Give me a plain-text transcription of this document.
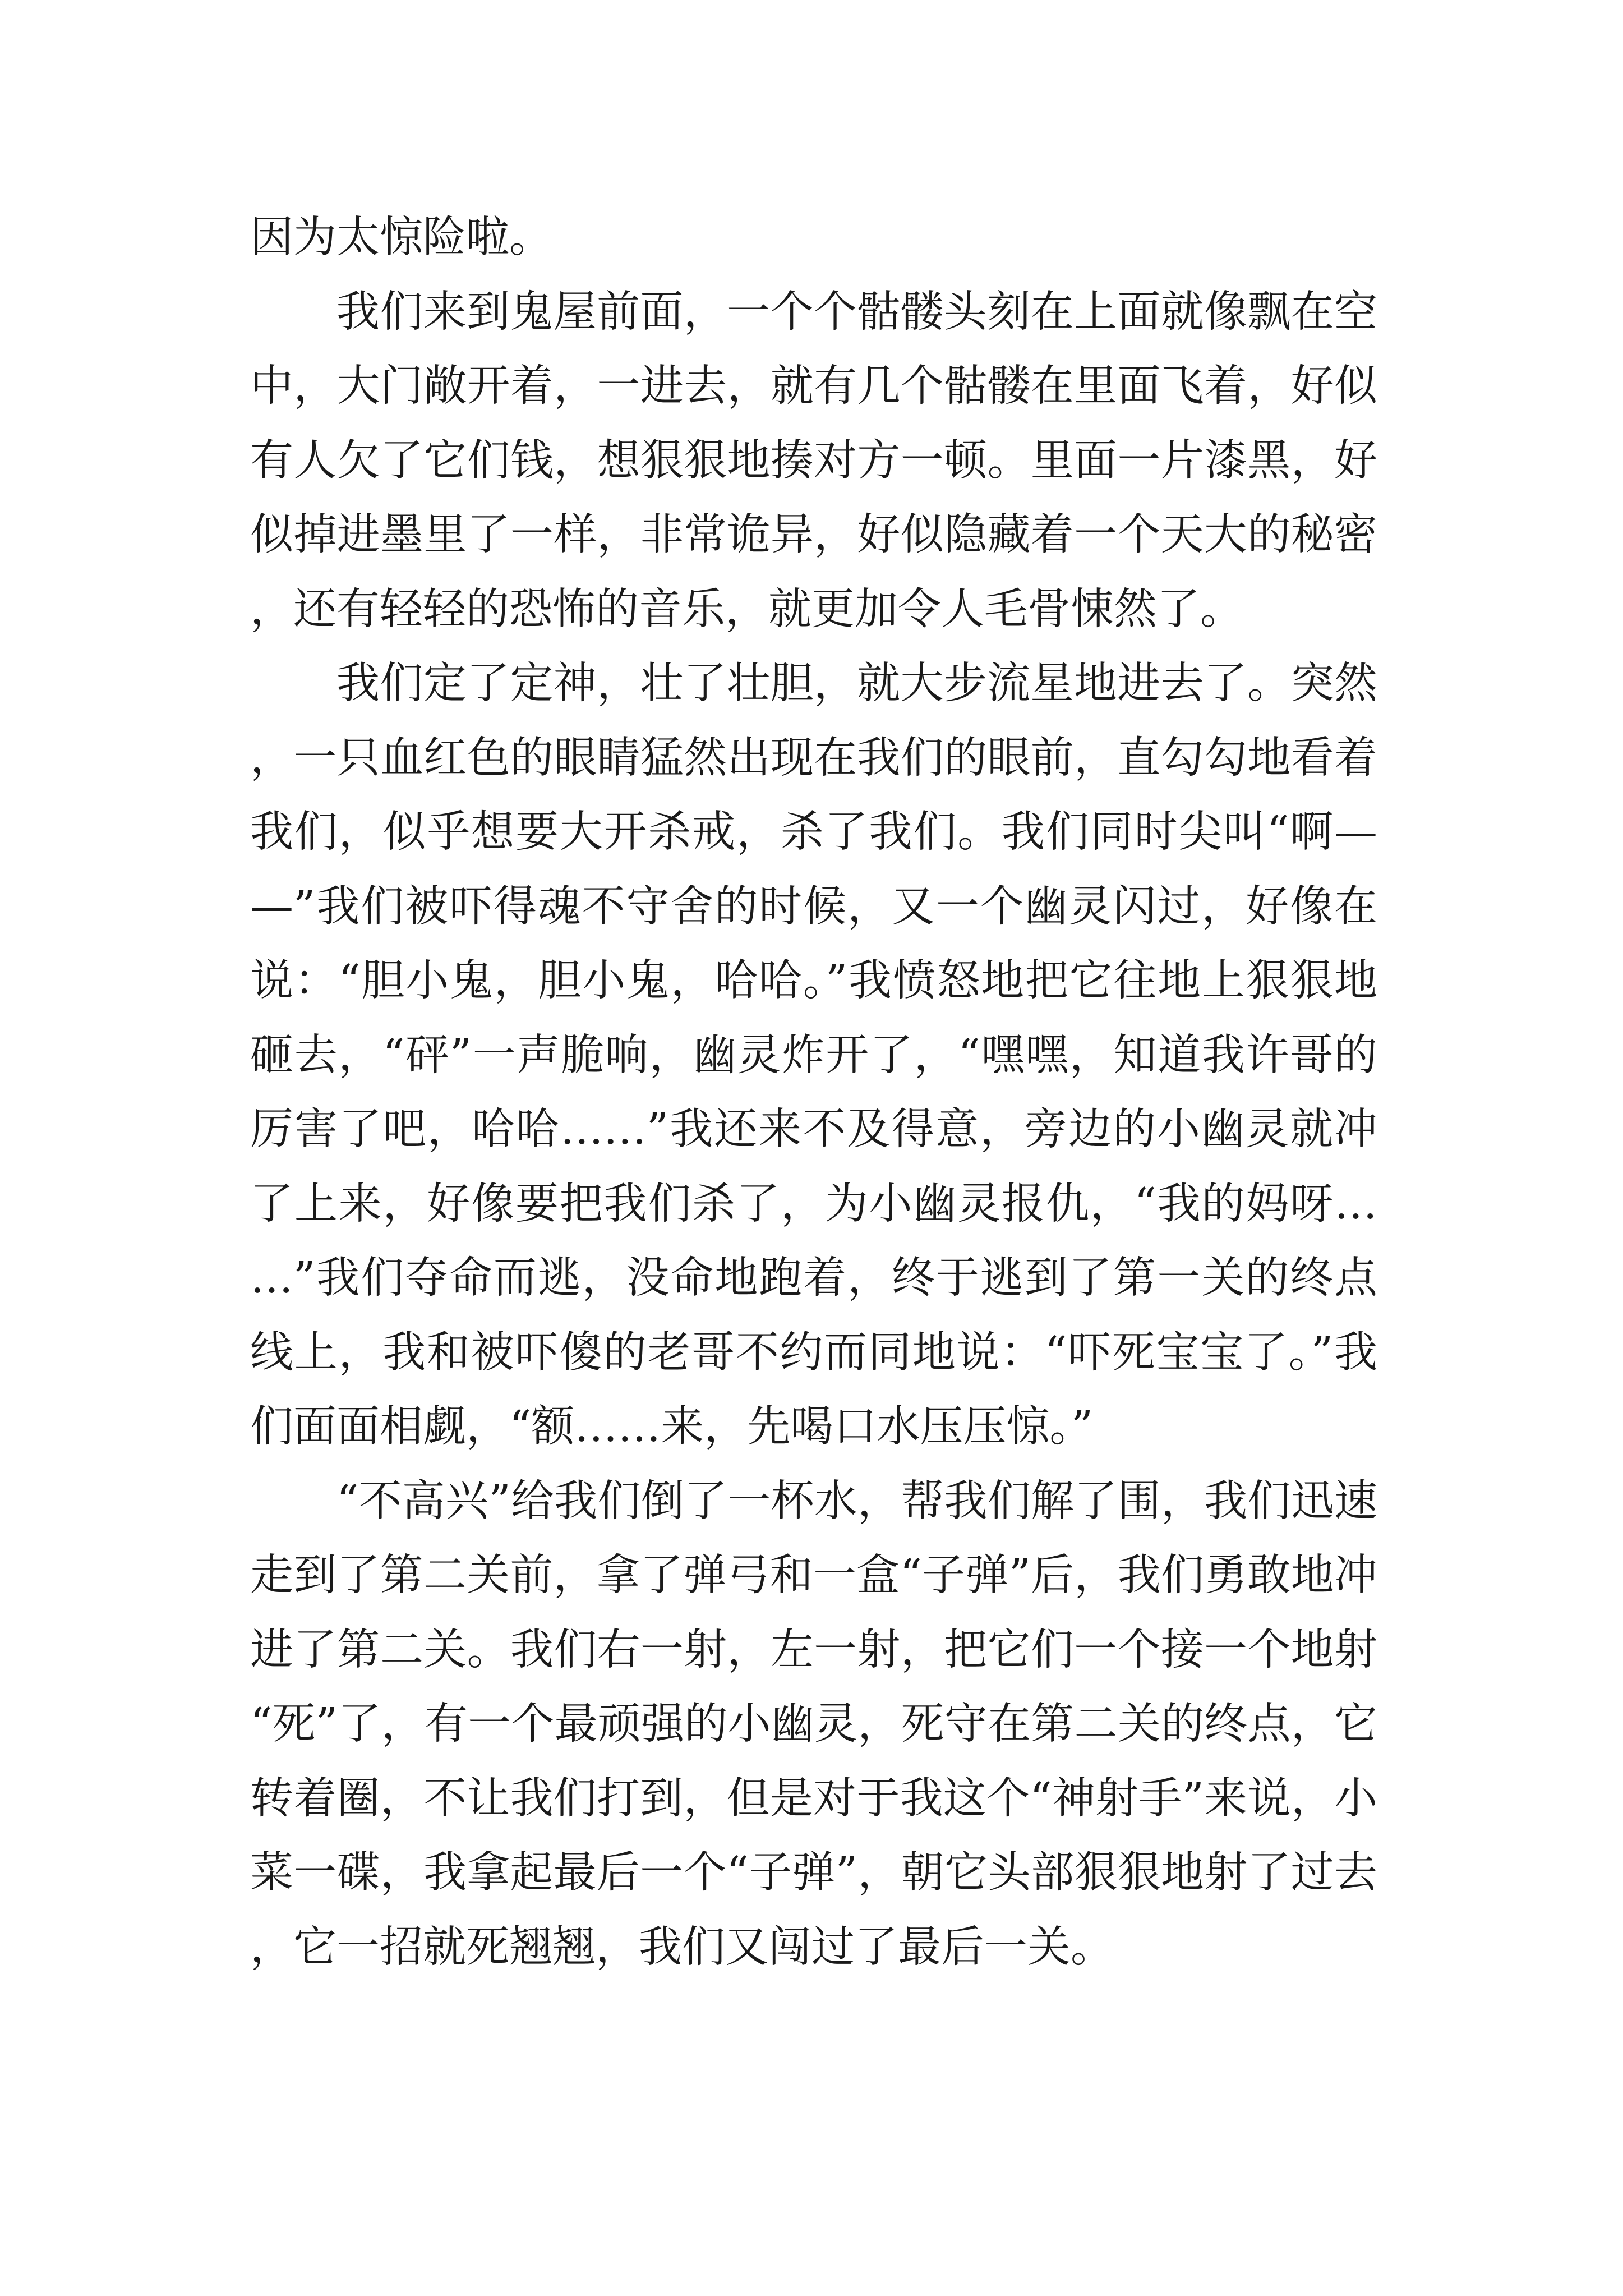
因为太惊险啦。

我们来到鬼屋前面，一个个骷髅头刻在上面就像飘在空中，大门敞开着，一进去，就有几个骷髅在里面飞着，好似有人欠了它们钱，想狠狠地揍对方一顿。里面一片漆黑，好似掉进墨里了一样，非常诡异，好似隐藏着一个天大的秘密，还有轻轻的恐怖的音乐，就更加令人毛骨悚然了。

我们定了定神，壮了壮胆，就大步流星地进去了。突然，一只血红色的眼睛猛然出现在我们的眼前，直勾勾地看着我们，似乎想要大开杀戒，杀了我们。我们同时尖叫“啊——”我们被吓得魂不守舍的时候，又一个幽灵闪过，好像在说：“胆小鬼，胆小鬼，哈哈。”我愤怒地把它往地上狠狠地砸去，“砰”一声脆响，幽灵炸开了，“嘿嘿，知道我许哥的厉害了吧，哈哈……”我还来不及得意，旁边的小幽灵就冲了上来，好像要把我们杀了，为小幽灵报仇，“我的妈呀……”我们夺命而逃，没命地跑着，终于逃到了第一关的终点线上，我和被吓傻的老哥不约而同地说：“吓死宝宝了。”我们面面相觑，“额……来，先喝口水压压惊。”

“不高兴”给我们倒了一杯水，帮我们解了围，我们迅速走到了第二关前，拿了弹弓和一盒“子弹”后，我们勇敢地冲进了第二关。我们右一射，左一射，把它们一个接一个地射“死”了，有一个最顽强的小幽灵，死守在第二关的终点，它转着圈，不让我们打到，但是对于我这个“神射手”来说，小菜一碟，我拿起最后一个“子弹”，朝它头部狠狠地射了过去，它一招就死翘翘，我们又闯过了最后一关。
